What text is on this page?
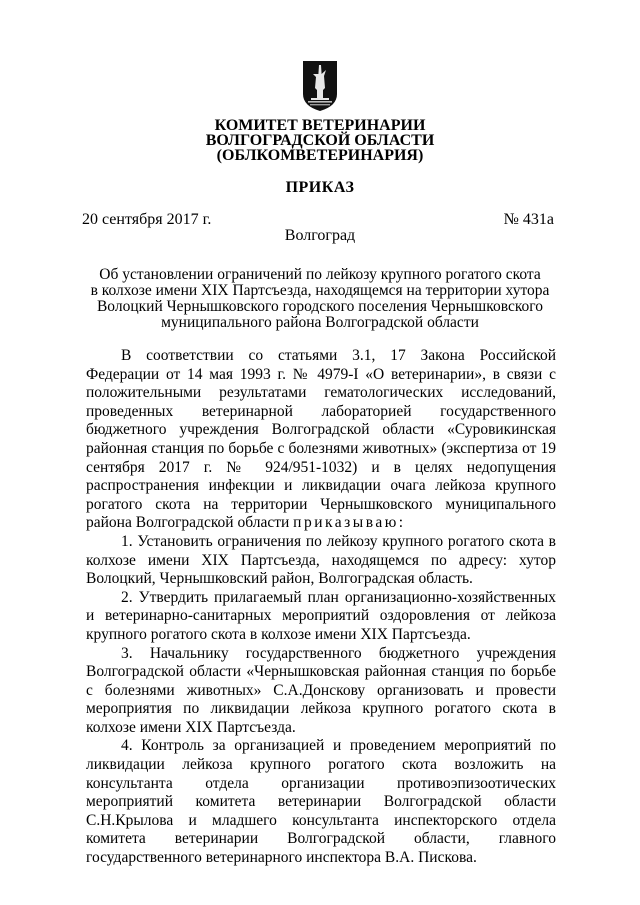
КОМИТЕТ ВЕТЕРИНАРИИ
ВОЛГОГРАДСКОЙ ОБЛАСТИ
(ОБЛКОМВЕТЕРИНАРИЯ)
ПРИКАЗ
20 сентября 2017 г.	№ 431а
Волгоград
Об установлении ограничений по лейкозу крупного рогатого скота
в колхозе имени XIX Партсъезда, находящемся на территории хутора
Волоцкий Чернышковского городского поселения Чернышковского
муниципального района Волгоградской области

В соответствии со статьями 3.1, 17 Закона Российской Федерации от 14 мая 1993 г. № 4979-I «О ветеринарии», в связи с положительными результатами гематологических исследований, проведенных ветеринарной лабораторией государственного бюджетного учреждения Волгоградской области «Суровикинская районная станция по борьбе с болезнями животных» (экспертиза от 19 сентября 2017 г. № 924/951-1032) и в целях недопущения распространения инфекции и ликвидации очага лейкоза крупного рогатого скота на территории Чернышковского муниципального района Волгоградской области приказываю:

1. Установить ограничения по лейкозу крупного рогатого скота в колхозе имени XIX Партсъезда, находящемся по адресу: хутор Волоцкий, Чернышковский район, Волгоградская область.

2. Утвердить прилагаемый план организационно-хозяйственных и ветеринарно-санитарных мероприятий оздоровления от лейкоза крупного рогатого скота в колхозе имени XIX Партсъезда.

3. Начальнику государственного бюджетного учреждения Волгоградской области «Чернышковская районная станция по борьбе с болезнями животных» С.А.Донскову организовать и провести мероприятия по ликвидации лейкоза крупного рогатого скота в колхозе имени XIX Партсъезда.

4. Контроль за организацией и проведением мероприятий по ликвидации лейкоза крупного рогатого скота возложить на консультанта отдела организации противоэпизоотических мероприятий комитета ветеринарии Волгоградской области С.Н.Крылова и младшего консультанта инспекторского отдела комитета ветеринарии Волгоградской области, главного государственного ветеринарного инспектора В.А. Пискова.
